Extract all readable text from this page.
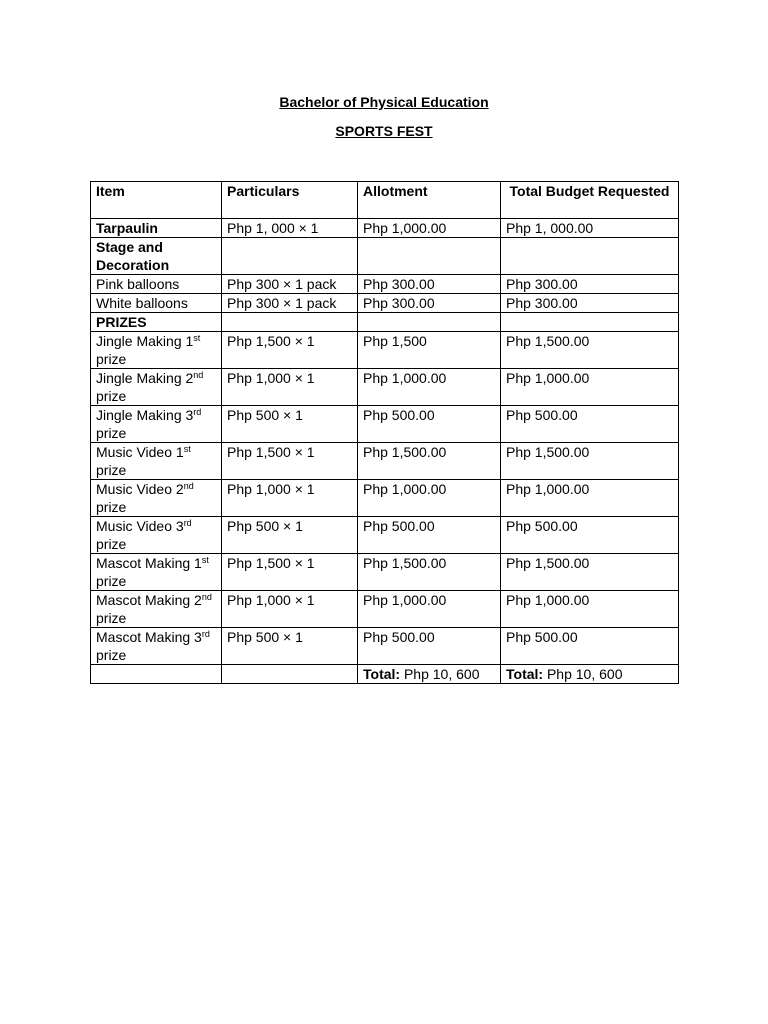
Bachelor of Physical Education
SPORTS FEST
Item	Particulars	Allotment	Total Budget Requested
Tarpaulin	Php 1, 000 × 1	Php 1,000.00	Php 1, 000.00
Stage and Decoration			
Pink balloons	Php 300 × 1 pack	Php 300.00	Php 300.00
White balloons	Php 300 × 1 pack	Php 300.00	Php 300.00
PRIZES			
Jingle Making 1st prize	Php 1,500 × 1	Php 1,500	Php 1,500.00
Jingle Making 2nd prize	Php 1,000 × 1	Php 1,000.00	Php 1,000.00
Jingle Making 3rd prize	Php 500 × 1	Php 500.00	Php 500.00
Music Video 1st prize	Php 1,500 × 1	Php 1,500.00	Php 1,500.00
Music Video 2nd prize	Php 1,000 × 1	Php 1,000.00	Php 1,000.00
Music Video 3rd prize	Php 500 × 1	Php 500.00	Php 500.00
Mascot Making 1st prize	Php 1,500 × 1	Php 1,500.00	Php 1,500.00
Mascot Making 2nd prize	Php 1,000 × 1	Php 1,000.00	Php 1,000.00
Mascot Making 3rd prize	Php 500 × 1	Php 500.00	Php 500.00
		Total: Php 10, 600	Total: Php 10, 600
